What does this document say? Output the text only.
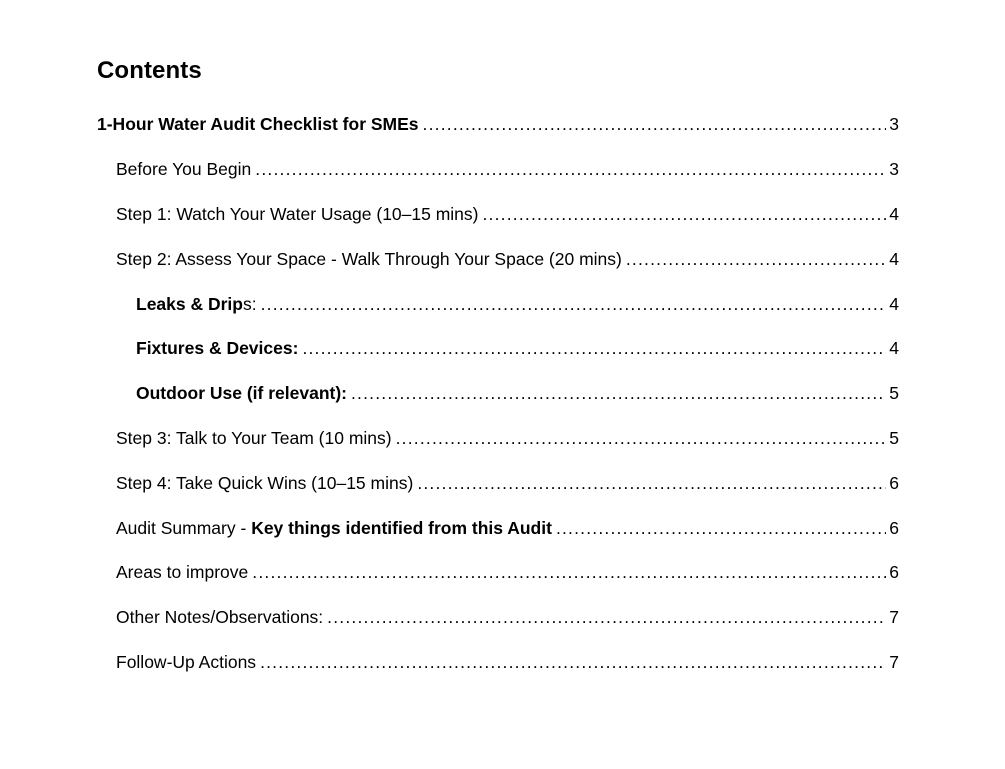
Contents
1-Hour Water Audit Checklist for SMEs .....	3
Before You Begin .....	3
Step 1: Watch Your Water Usage (10–15 mins) .....	4
Step 2: Assess Your Space - Walk Through Your Space (20 mins) .....	4
Leaks & Drips: .....	4
Fixtures & Devices: .....	4
Outdoor Use (if relevant): .....	5
Step 3: Talk to Your Team (10 mins) .....	5
Step 4: Take Quick Wins (10–15 mins) .....	6
Audit Summary - Key things identified from this Audit .....	6
Areas to improve .....	6
Other Notes/Observations: .....	7
Follow-Up Actions .....	7
